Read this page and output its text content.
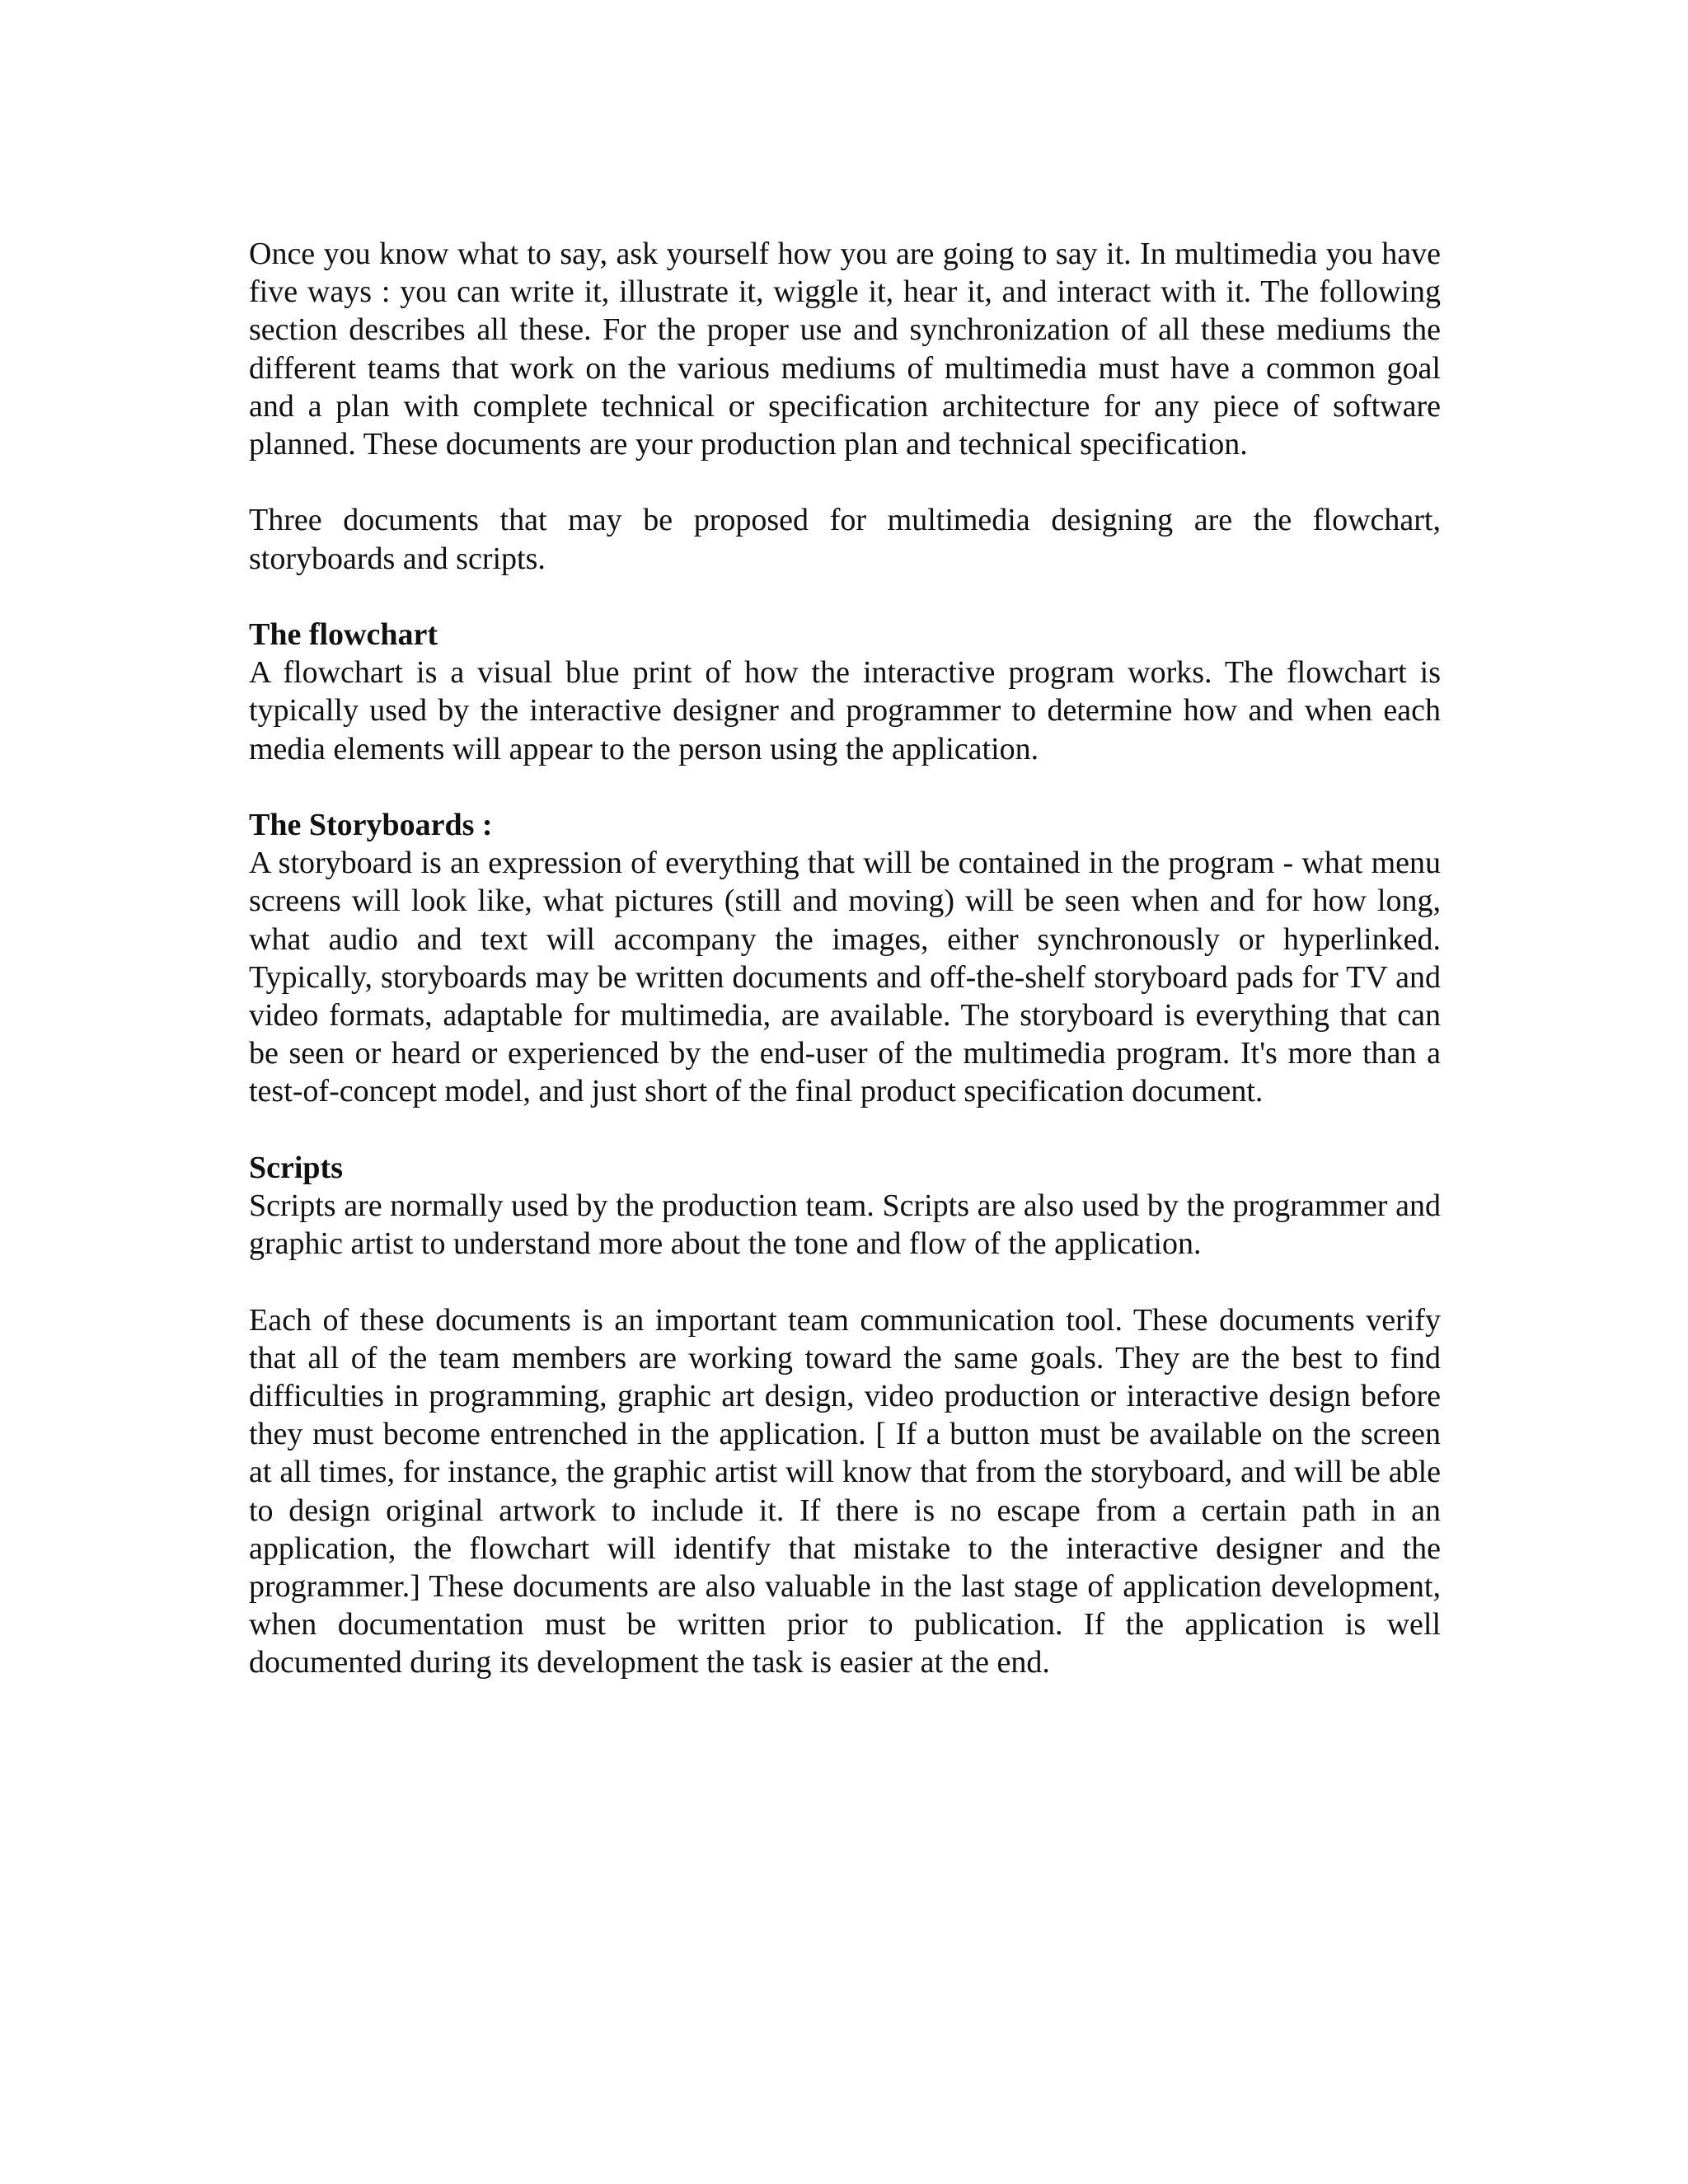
Once you know what to say, ask yourself how you are going to say it. In multimedia you have five ways : you can write it, illustrate it, wiggle it, hear it, and interact with it. The following section describes all these. For the proper use and synchronization of all these mediums the different teams that work on the various mediums of multimedia must have a common goal and a plan with complete technical or specification architecture for any piece of software planned. These documents are your production plan and technical specification.

Three documents that may be proposed for multimedia designing are the flowchart, storyboards and scripts.

The flowchart

A flowchart is a visual blue print of how the interactive program works. The flowchart is typically used by the interactive designer and programmer to determine how and when each media elements will appear to the person using the application.

The Storyboards :

A storyboard is an expression of everything that will be contained in the program - what menu screens will look like, what pictures (still and moving) will be seen when and for how long, what audio and text will accompany the images, either synchronously or hyperlinked. Typically, storyboards may be written documents and off-the-shelf storyboard pads for TV and video formats, adaptable for multimedia, are available. The storyboard is everything that can be seen or heard or experienced by the end-user of the multimedia program. It's more than a test-of-concept model, and just short of the final product specification document.

Scripts

Scripts are normally used by the production team. Scripts are also used by the programmer and graphic artist to understand more about the tone and flow of the application.

Each of these documents is an important team communication tool. These documents verify that all of the team members are working toward the same goals. They are the best to find difficulties in programming, graphic art design, video production or interactive design before they must become entrenched in the application. [ If a button must be available on the screen at all times, for instance, the graphic artist will know that from the storyboard, and will be able to design original artwork to include it. If there is no escape from a certain path in an application, the flowchart will identify that mistake to the interactive designer and the programmer.] These documents are also valuable in the last stage of application development, when documentation must be written prior to publication. If the application is well documented during its development the task is easier at the end.
